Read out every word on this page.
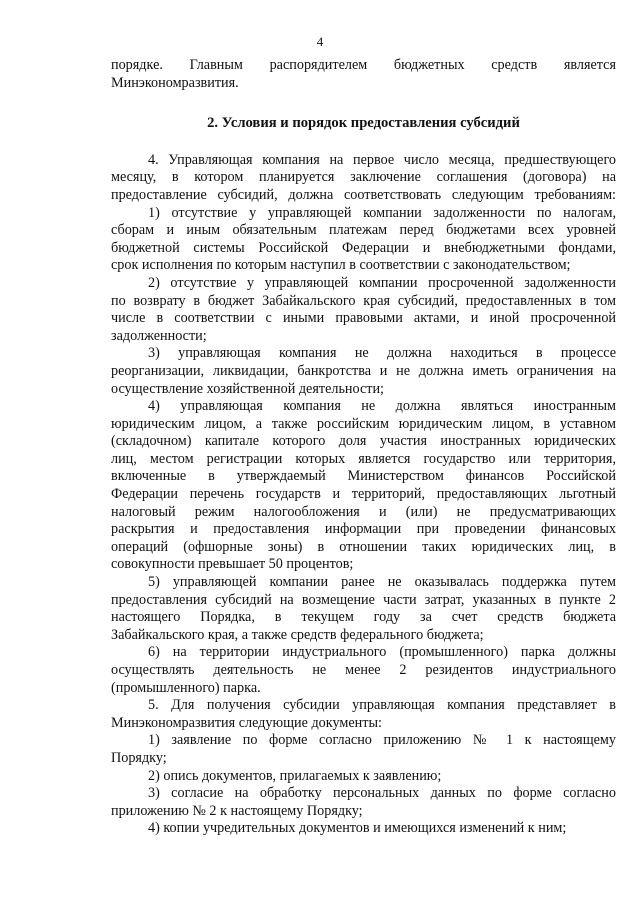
4
порядке. Главным распорядителем бюджетных средств является
Минэкономразвития.
2. Условия и порядок предоставления субсидий
4. Управляющая компания на первое число месяца, предшествующего
месяцу, в котором планируется заключение соглашения (договора) на
предоставление субсидий, должна соответствовать следующим требованиям:
1) отсутствие у управляющей компании задолженности по налогам,
сборам и иным обязательным платежам перед бюджетами всех уровней
бюджетной системы Российской Федерации и внебюджетными фондами,
срок исполнения по которым наступил в соответствии с законодательством;
2) отсутствие у управляющей компании просроченной задолженности
по возврату в бюджет Забайкальского края субсидий, предоставленных в том
числе в соответствии с иными правовыми актами, и иной просроченной
задолженности;
3) управляющая компания не должна находиться в процессе
реорганизации, ликвидации, банкротства и не должна иметь ограничения на
осуществление хозяйственной деятельности;
4) управляющая компания не должна являться иностранным
юридическим лицом, а также российским юридическим лицом, в уставном
(складочном) капитале которого доля участия иностранных юридических
лиц, местом регистрации которых является государство или территория,
включенные в утверждаемый Министерством финансов Российской
Федерации перечень государств и территорий, предоставляющих льготный
налоговый режим налогообложения и (или) не предусматривающих
раскрытия и предоставления информации при проведении финансовых
операций (офшорные зоны) в отношении таких юридических лиц, в
совокупности превышает 50 процентов;
5) управляющей компании ранее не оказывалась поддержка путем
предоставления субсидий на возмещение части затрат, указанных в пункте 2
настоящего Порядка, в текущем году за счет средств бюджета
Забайкальского края, а также средств федерального бюджета;
6) на территории индустриального (промышленного) парка должны
осуществлять деятельность не менее 2 резидентов индустриального
(промышленного) парка.
5. Для получения субсидии управляющая компания представляет в
Минэкономразвития следующие документы:
1) заявление по форме согласно приложению № 1 к настоящему
Порядку;
2) опись документов, прилагаемых к заявлению;
3) согласие на обработку персональных данных по форме согласно
приложению № 2 к настоящему Порядку;
4) копии учредительных документов и имеющихся изменений к ним;
